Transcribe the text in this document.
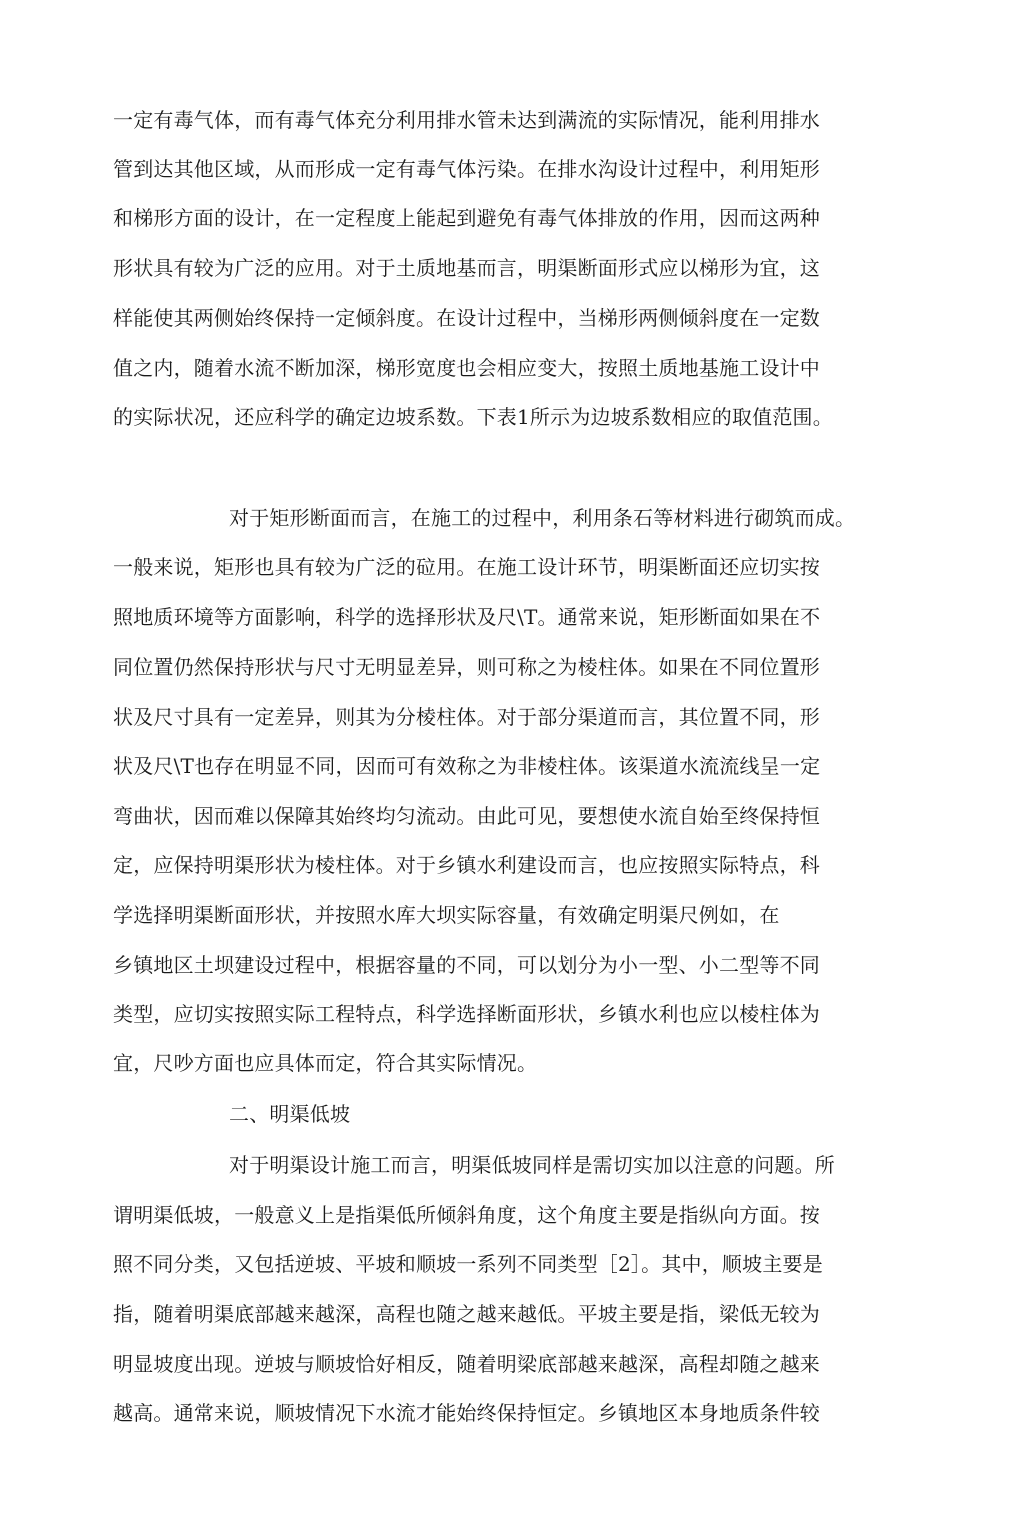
一定有毒气体，而有毒气体充分利用排水管未达到满流的实际情况，能利用排水
管到达其他区域，从而形成一定有毒气体污染。在排水沟设计过程中，利用矩形
和梯形方面的设计，在一定程度上能起到避免有毒气体排放的作用，因而这两种
形状具有较为广泛的应用。对于土质地基而言，明渠断面形式应以梯形为宜，这
样能使其两侧始终保持一定倾斜度。在设计过程中，当梯形两侧倾斜度在一定数
值之内，随着水流不断加深，梯形宽度也会相应变大，按照土质地基施工设计中
的实际状况，还应科学的确定边坡系数。下表1所示为边坡系数相应的取值范围。
对于矩形断面而言，在施工的过程中，利用条石等材料进行砌筑而成。
一般来说，矩形也具有较为广泛的砬用。在施工设计环节，明渠断面还应切实按
照地质环境等方面影响，科学的选择形状及尺\T。通常来说，矩形断面如果在不
同位置仍然保持形状与尺寸无明显差异，则可称之为棱柱体。如果在不同位置形
状及尺寸具有一定差异，则其为分棱柱体。对于部分渠道而言，其位置不同，形
状及尺\T也存在明显不同，因而可有效称之为非棱柱体。该渠道水流流线呈一定
弯曲状，因而难以保障其始终均匀流动。由此可见，要想使水流自始至终保持恒
定，应保持明渠形状为棱柱体。对于乡镇水利建设而言，也应按照实际特点，科
学选择明渠断面形状，并按照水库大坝实际容量，有效确定明渠尺例如，在
乡镇地区土坝建设过程中，根据容量的不同，可以划分为小一型、小二型等不同
类型，应切实按照实际工程特点，科学选择断面形状，乡镇水利也应以棱柱体为
宜，尺吵方面也应具体而定，符合其实际情况。
二、明渠低坡
对于明渠设计施工而言，明渠低坡同样是需切实加以注意的问题。所
谓明渠低坡，一般意义上是指渠低所倾斜角度，这个角度主要是指纵向方面。按
照不同分类，又包括逆坡、平坡和顺坡一系列不同类型［2］。其中，顺坡主要是
指，随着明渠底部越来越深，高程也随之越来越低。平坡主要是指，梁低无较为
明显坡度出现。逆坡与顺坡恰好相反，随着明梁底部越来越深，高程却随之越来
越高。通常来说，顺坡情况下水流才能始终保持恒定。乡镇地区本身地质条件较
